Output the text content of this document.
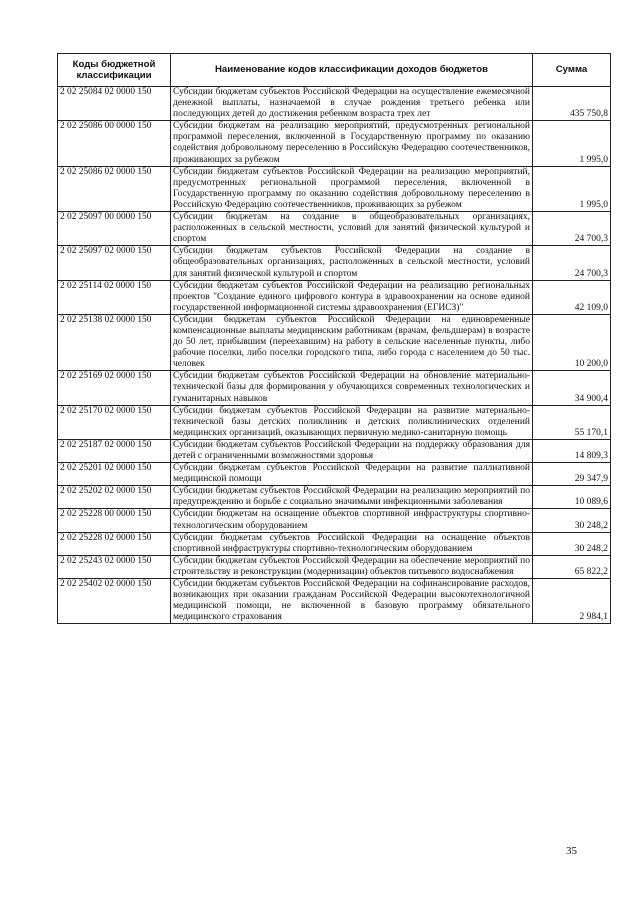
Коды бюджетной классификации	Наименование кодов классификации доходов бюджетов	Сумма
2 02 25084 02 0000 150	Субсидии бюджетам субъектов Российской Федерации на осуществление ежемесячной денежной выплаты, назначаемой в случае рождения третьего ребенка или последующих детей до достижения ребенком возраста трех лет	435 750,8
2 02 25086 00 0000 150	Субсидии бюджетам на реализацию мероприятий, предусмотренных региональной программой переселения, включенной в Государственную программу по оказанию содействия добровольному переселению в Российскую Федерацию соотечественников, проживающих за рубежом	1 995,0
2 02 25086 02 0000 150	Субсидии бюджетам субъектов Российской Федерации на реализацию мероприятий, предусмотренных региональной программой переселения, включенной в Государственную программу по оказанию содействия добровольному переселению в Российскую Федерацию соотечественников, проживающих за рубежом	1 995,0
2 02 25097 00 0000 150	Субсидии бюджетам на создание в общеобразовательных организациях, расположенных в сельской местности, условий для занятий физической культурой и спортом	24 700,3
2 02 25097 02 0000 150	Субсидии бюджетам субъектов Российской Федерации на создание в общеобразовательных организациях, расположенных в сельской местности, условий для занятий физической культурой и спортом	24 700,3
2 02 25114 02 0000 150	Субсидии бюджетам субъектов Российской Федерации на реализацию региональных проектов "Создание единого цифрового контура в здравоохранении на основе единой государственной информационной системы здравоохранения (ЕГИСЗ)"	42 109,0
2 02 25138 02 0000 150	Субсидии бюджетам субъектов Российской Федерации на единовременные компенсационные выплаты медицинским работникам (врачам, фельдшерам) в возрасте до 50 лет, прибывшим (переехавшим) на работу в сельские населенные пункты, либо рабочие поселки, либо поселки городского типа, либо города с населением до 50 тыс. человек	10 200,0
2 02 25169 02 0000 150	Субсидии бюджетам субъектов Российской Федерации на обновление материально-технической базы для формирования у обучающихся современных технологических и гуманитарных навыков	34 900,4
2 02 25170 02 0000 150	Субсидии бюджетам субъектов Российской Федерации на развитие материально-технической базы детских поликлиник и детских поликлинических отделений медицинских организаций, оказывающих первичную медико-санитарную помощь	55 170,1
2 02 25187 02 0000 150	Субсидии бюджетам субъектов Российской Федерации на поддержку образования для детей с ограниченными возможностями здоровья	14 809,3
2 02 25201 02 0000 150	Субсидии бюджетам субъектов Российской Федерации на развитие паллиативной медицинской помощи	29 347,9
2 02 25202 02 0000 150	Субсидии бюджетам субъектов Российской Федерации на реализацию мероприятий по предупреждению и борьбе с социально значимыми инфекционными заболевания	10 089,6
2 02 25228 00 0000 150	Субсидии бюджетам на оснащение объектов спортивной инфраструктуры спортивно-технологическим оборудованием	30 248,2
2 02 25228 02 0000 150	Субсидии бюджетам субъектов Российской Федерации на оснащение объектов спортивной инфраструктуры спортивно-технологическим оборудованием	30 248,2
2 02 25243 02 0000 150	Субсидии бюджетам субъектов Российской Федерации на обеспечение мероприятий по строительству и реконструкции (модернизации) объектов питьевого водоснабжения	65 822,2
2 02 25402 02 0000 150	Субсидии бюджетам субъектов Российской Федерации на софинансирование расходов, возникающих при оказании гражданам Российской Федерации высокотехнологичной медицинской помощи, не включенной в базовую программу обязательного медицинского страхования	2 984,1
35
